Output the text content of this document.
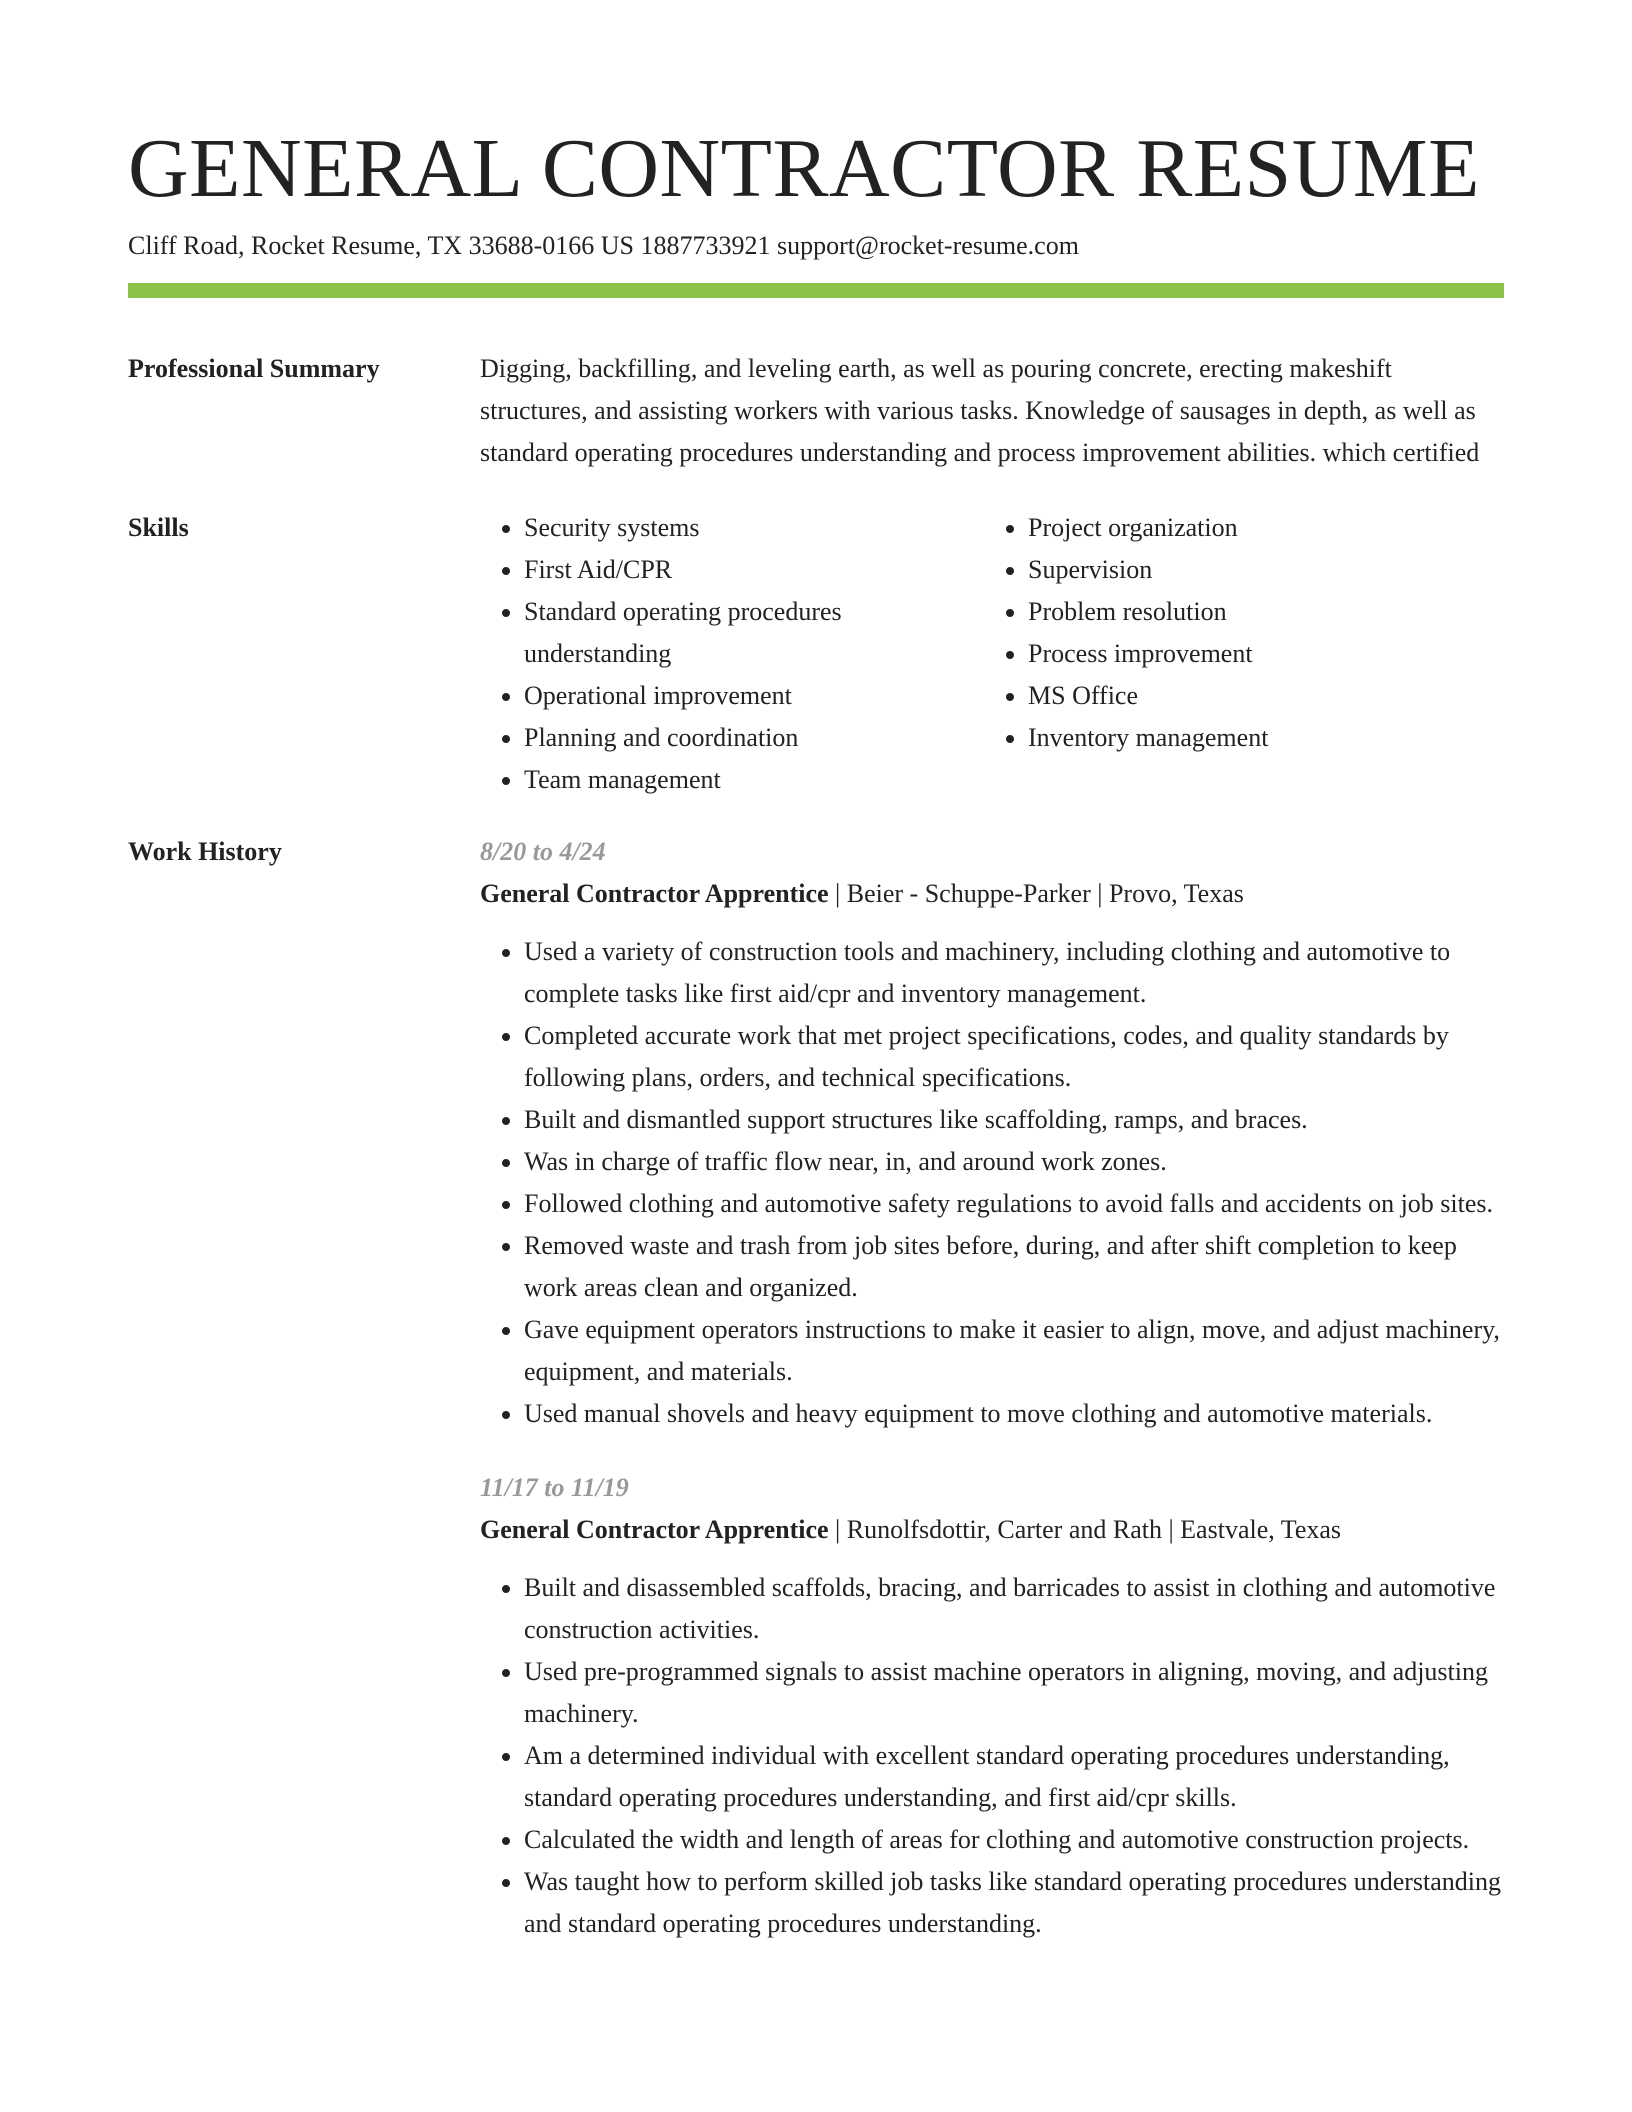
GENERAL CONTRACTOR RESUME
Cliff Road, Rocket Resume, TX 33688-0166 US 1887733921 support@rocket-resume.com
Professional Summary	Digging, backfilling, and leveling earth, as well as pouring concrete, erecting makeshift structures, and assisting workers with various tasks. Knowledge of sausages in depth, as well as standard operating procedures understanding and process improvement abilities. which certified
Skills
•	Security systems
• First Aid/CPR
• Standard operating procedures understanding
• Operational improvement
• Planning and coordination
• Team management
• Project organization
• Supervision
• Problem resolution
• Process improvement
• MS Office
• Inventory management
Work History	8/20 to 4/24
General Contractor Apprentice | Beier - Schuppe-Parker | Provo, Texas
• Used a variety of construction tools and machinery, including clothing and automotive to complete tasks like first aid/cpr and inventory management.
• Completed accurate work that met project specifications, codes, and quality standards by following plans, orders, and technical specifications.
• Built and dismantled support structures like scaffolding, ramps, and braces.
• Was in charge of traffic flow near, in, and around work zones.
• Followed clothing and automotive safety regulations to avoid falls and accidents on job sites.
• Removed waste and trash from job sites before, during, and after shift completion to keep work areas clean and organized.
• Gave equipment operators instructions to make it easier to align, move, and adjust machinery, equipment, and materials.
• Used manual shovels and heavy equipment to move clothing and automotive materials.
11/17 to 11/19
General Contractor Apprentice | Runolfsdottir, Carter and Rath | Eastvale, Texas
• Built and disassembled scaffolds, bracing, and barricades to assist in clothing and automotive construction activities.
• Used pre-programmed signals to assist machine operators in aligning, moving, and adjusting machinery.
• Am a determined individual with excellent standard operating procedures understanding, standard operating procedures understanding, and first aid/cpr skills.
• Calculated the width and length of areas for clothing and automotive construction projects.
• Was taught how to perform skilled job tasks like standard operating procedures understanding and standard operating procedures understanding.
